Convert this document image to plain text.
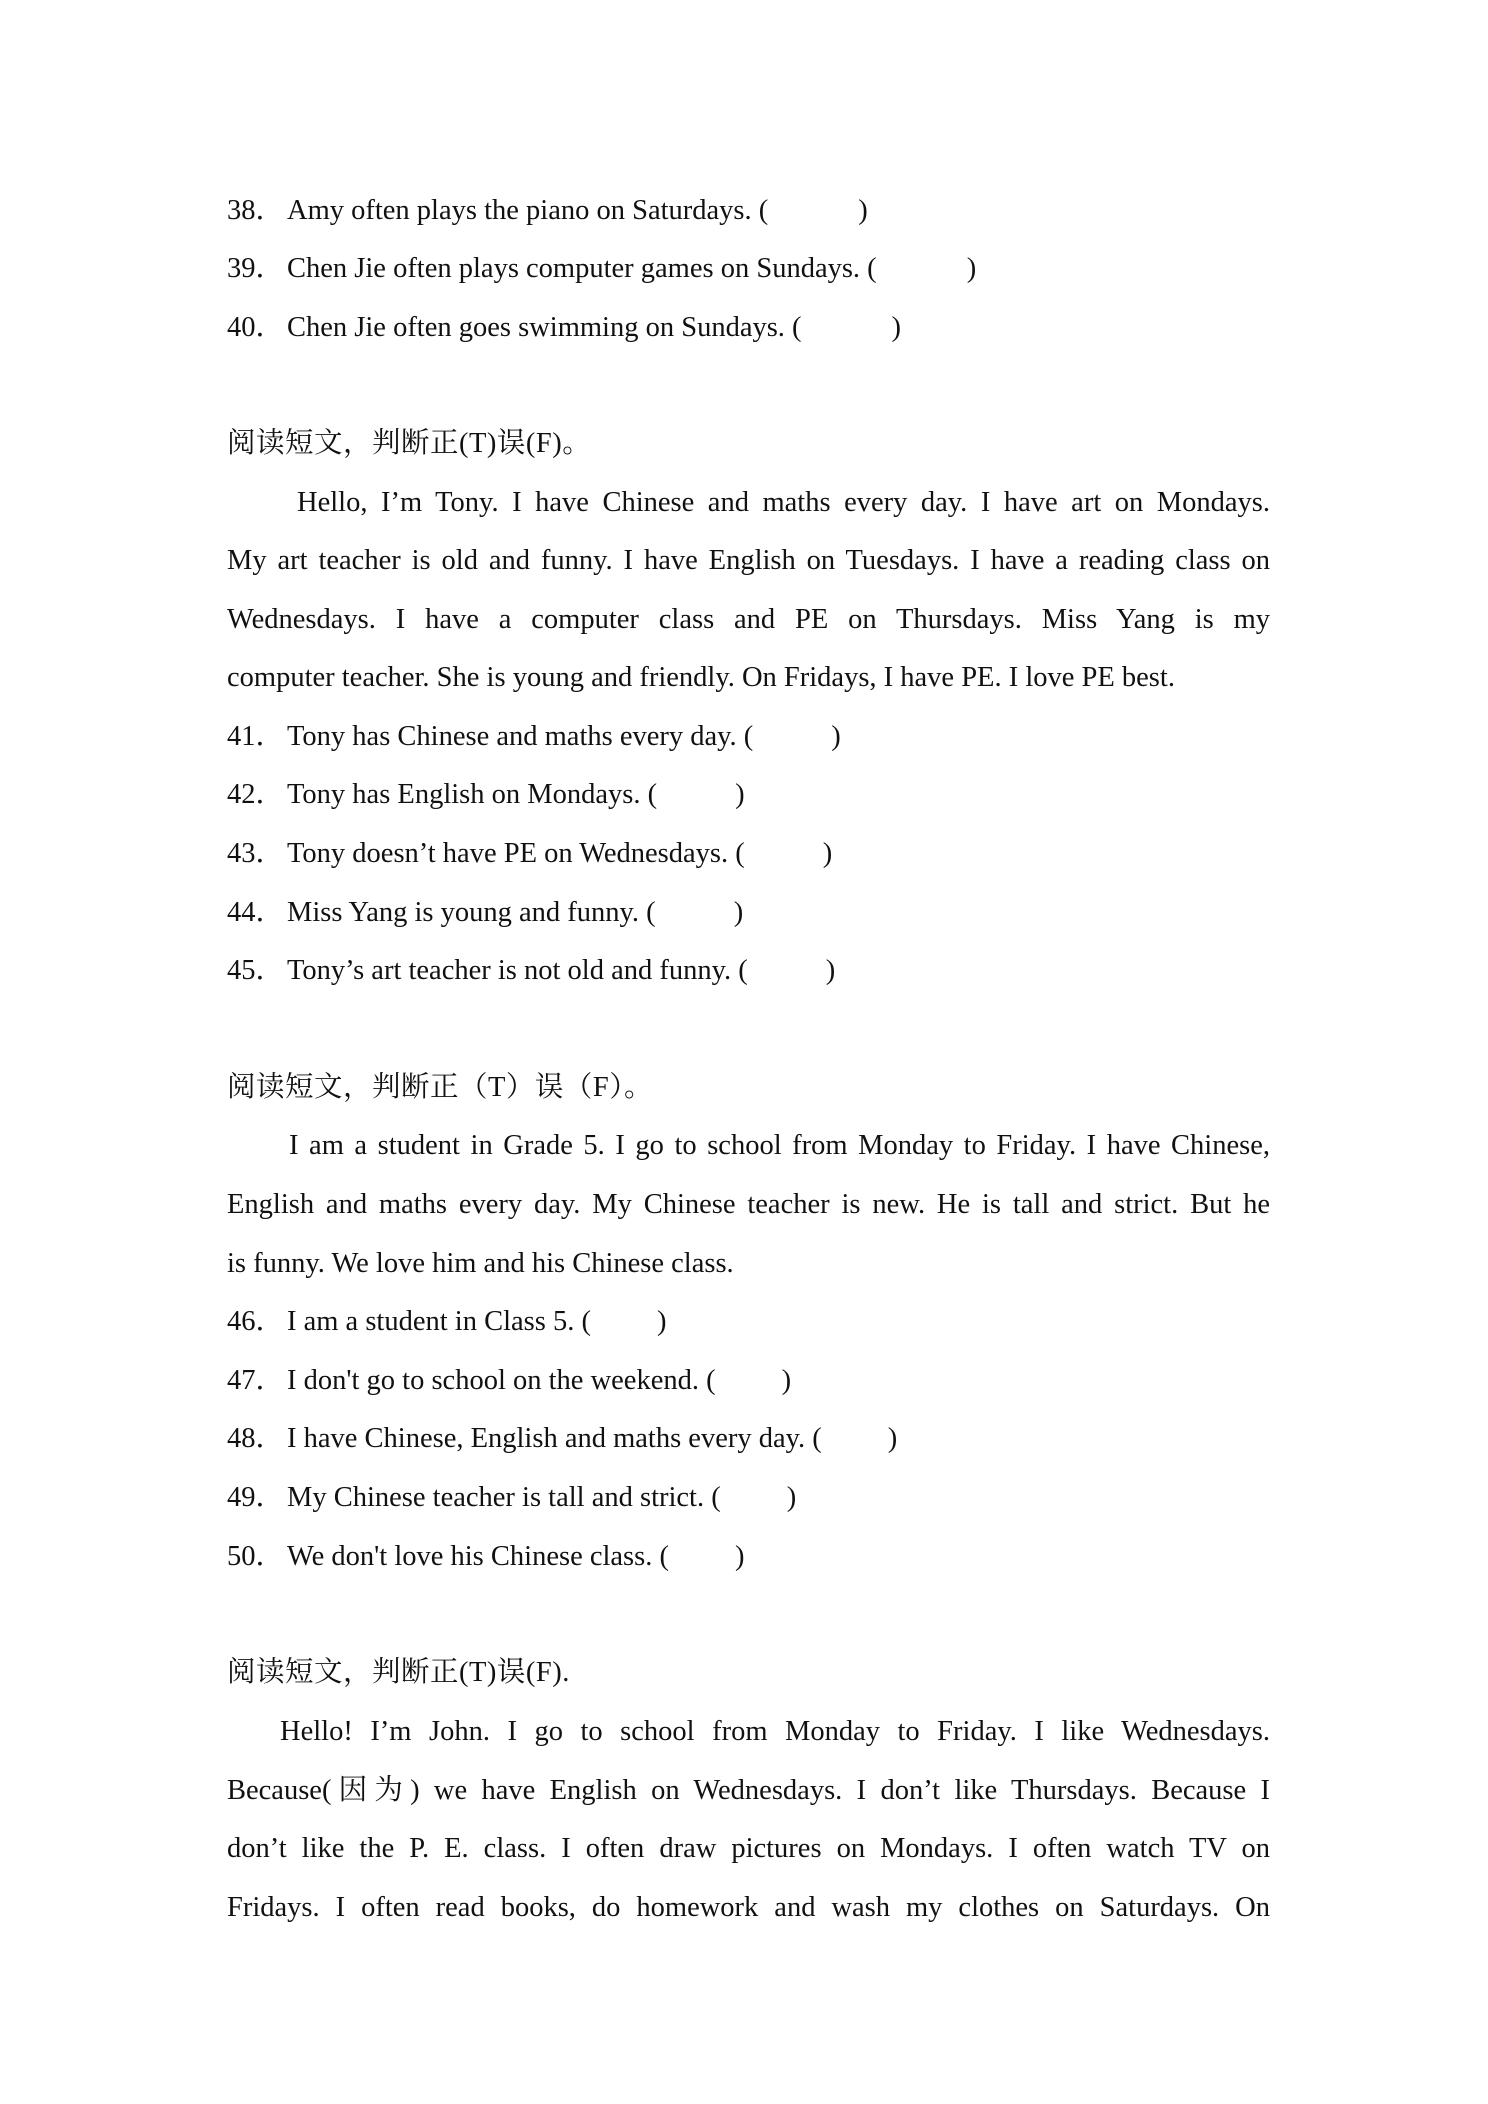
38． Amy often plays the piano on Saturdays. (	)
39． Chen Jie often plays computer games on Sundays. (	)
40． Chen Jie often goes swimming on Sundays. (	)
阅读短文，判断正(T)误(F)。
Hello, I’m Tony. I have Chinese and maths every day. I have art on Mondays.
My art teacher is old and funny. I have English on Tuesdays. I have a reading class on
Wednesdays. I have a computer class and PE on Thursdays. Miss Yang is my
computer teacher. She is young and friendly. On Fridays, I have PE. I love PE best.
41． Tony has Chinese and maths every day. (	)
42． Tony has English on Mondays. (	)
43． Tony doesn’t have PE on Wednesdays. (	)
44． Miss Yang is young and funny. (	)
45． Tony’s art teacher is not old and funny. (	)
阅读短文，判断正（T）误（F）。
I am a student in Grade 5. I go to school from Monday to Friday. I have Chinese,
English and maths every day. My Chinese teacher is new. He is tall and strict. But he
is funny. We love him and his Chinese class.
46． I am a student in Class 5. ( )
47． I don't go to school on the weekend. ( )
48． I have Chinese, English and maths every day. ( )
49． My Chinese teacher is tall and strict. ( )
50． We don't love his Chinese class. ( )
阅读短文，判断正(T)误(F).
Hello! I’m John. I go to school from Monday to Friday. I like Wednesdays.
Because(因为) we have English on Wednesdays. I don’t like Thursdays. Because I
don’t like the P. E. class. I often draw pictures on Mondays. I often watch TV on
Fridays. I often read books, do homework and wash my clothes on Saturdays. On
